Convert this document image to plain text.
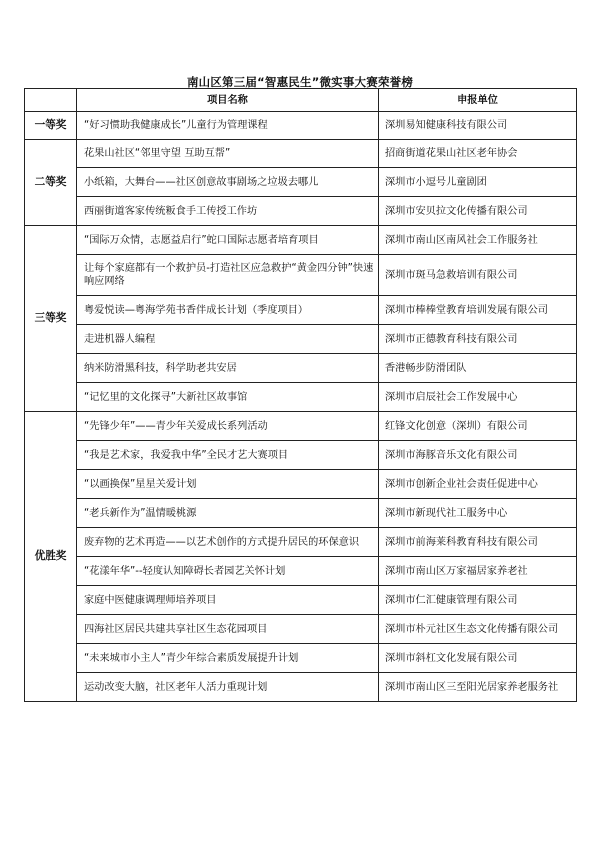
南山区第三届“智惠民生”微实事大赛荣誉榜
	项目名称	申报单位
一等奖	“好习惯助我健康成长”儿童行为管理课程	深圳易知健康科技有限公司
二等奖	花果山社区“邻里守望 互助互帮”	招商街道花果山社区老年协会
	小纸箱，大舞台——社区创意故事剧场之垃圾去哪儿	深圳市小逗号儿童剧团
	西丽街道客家传统粄食手工传授工作坊	深圳市安贝拉文化传播有限公司
三等奖	“国际万众情，志愿益启行”蛇口国际志愿者培育项目	深圳市南山区南风社会工作服务社
	让每个家庭都有一个救护员-打造社区应急救护“黄金四分钟”快速响应网络	深圳市斑马急救培训有限公司
	粤爱悦读—粤海学苑书香伴成长计划（季度项目）	深圳市棒棒堂教育培训发展有限公司
	走进机器人编程	深圳市正德教育科技有限公司
	纳米防滑黑科技，科学助老共安居	香港畅步防滑团队
	“记忆里的文化探寻”大新社区故事馆	深圳市启辰社会工作发展中心
优胜奖	“先锋少年”——青少年关爱成长系列活动	红锋文化创意（深圳）有限公司
	“我是艺术家，我爱我中华”全民才艺大赛项目	深圳市海豚音乐文化有限公司
	“以画换保”星星关爱计划	深圳市创新企业社会责任促进中心
	“老兵新作为”温情暖桃源	深圳市新现代社工服务中心
	废弃物的艺术再造——以艺术创作的方式提升居民的环保意识	深圳市前海莱科教育科技有限公司
	“花漾年华”--轻度认知障碍长者园艺关怀计划	深圳市南山区万家福居家养老社
	家庭中医健康调理师培养项目	深圳市仁汇健康管理有限公司
	四海社区居民共建共享社区生态花园项目	深圳市朴元社区生态文化传播有限公司
	“未来城市小主人”青少年综合素质发展提升计划	深圳市斜杠文化发展有限公司
	运动改变大脑，社区老年人活力重现计划	深圳市南山区三至阳光居家养老服务社
